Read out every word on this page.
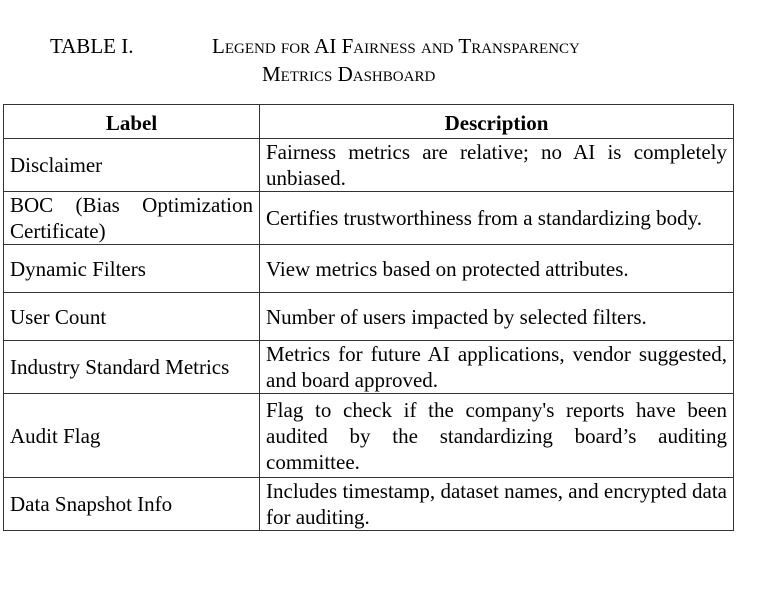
TABLE I.	Legend for AI Fairness and Transparency
Metrics Dashboard
Label	Description
Disclaimer	Fairness metrics are relative; no AI is completely unbiased.
BOC (Bias Optimization Certificate)	Certifies trustworthiness from a standardizing body.
Dynamic Filters	View metrics based on protected attributes.
User Count	Number of users impacted by selected filters.
Industry Standard Metrics	Metrics for future AI applications, vendor suggested, and board approved.
Audit Flag	Flag to check if the company's reports have been audited by the standardizing board’s auditing committee.
Data Snapshot Info	Includes timestamp, dataset names, and encrypted data for auditing.
